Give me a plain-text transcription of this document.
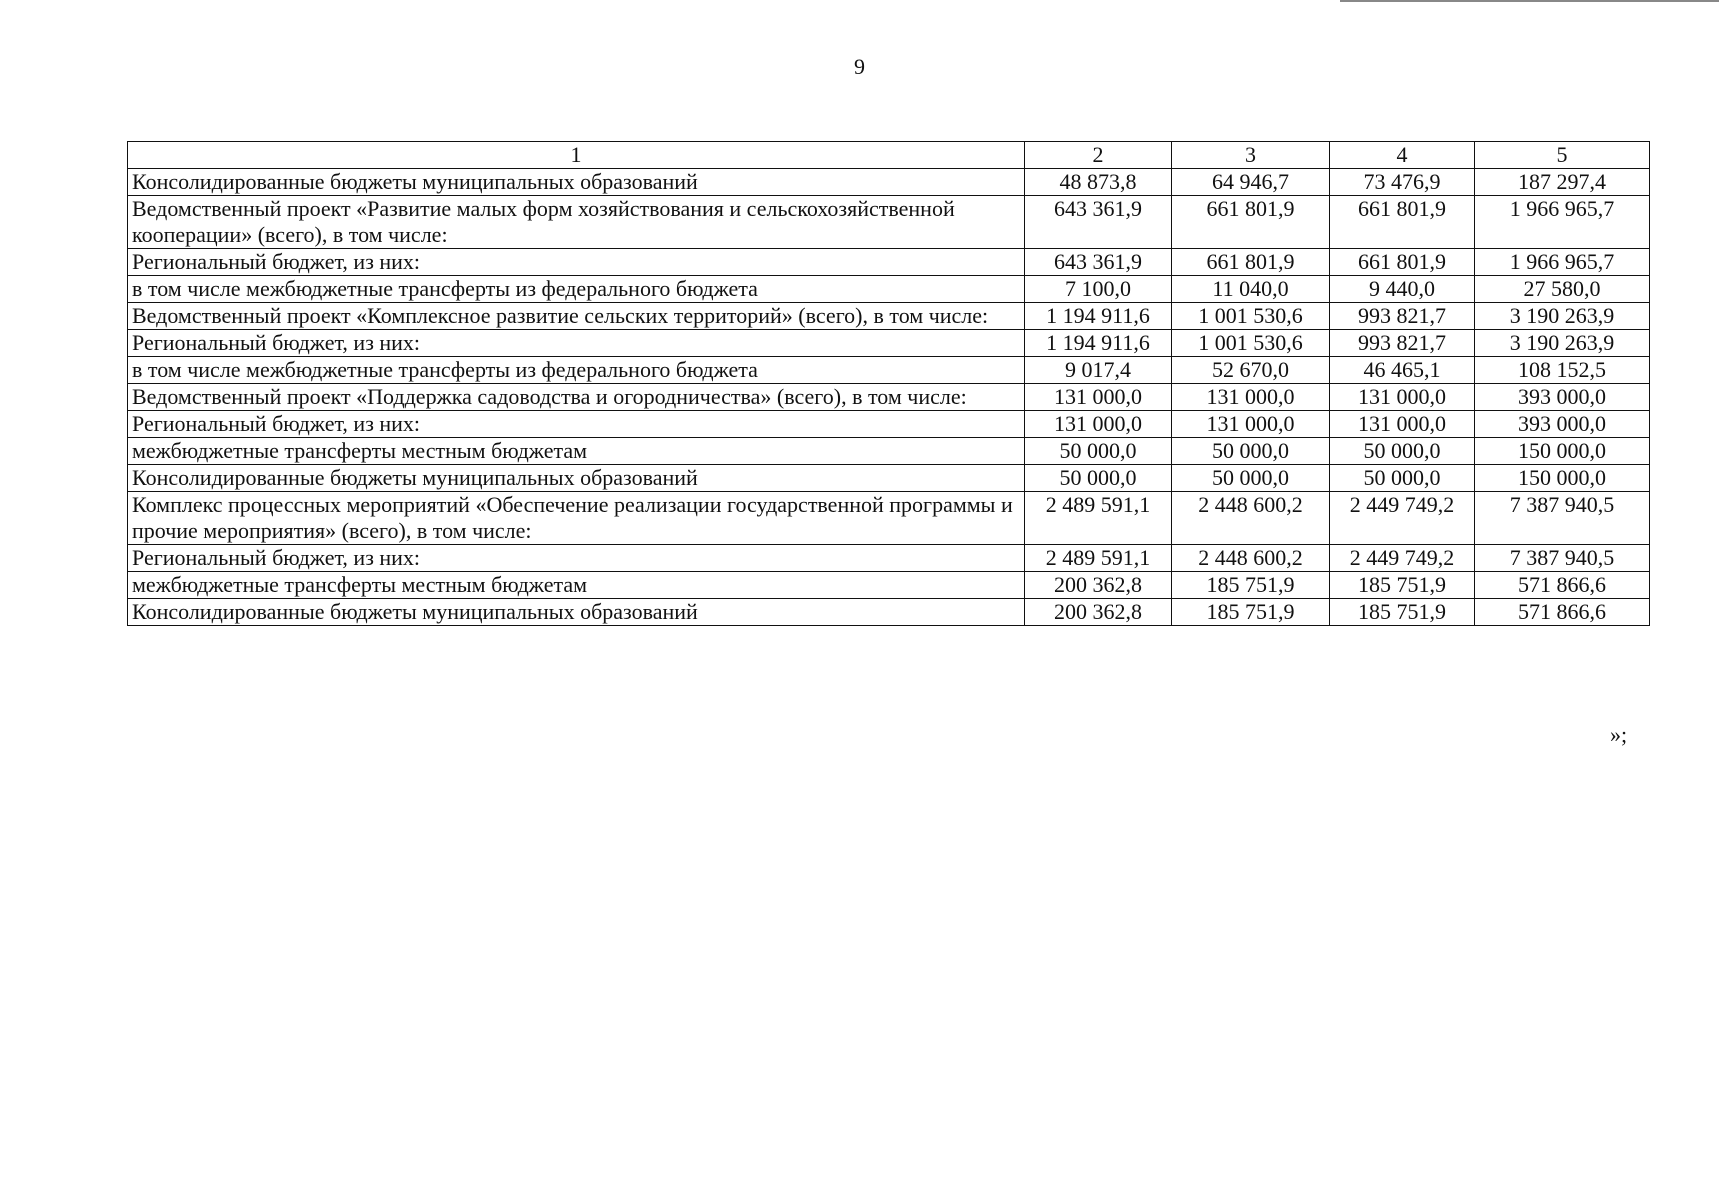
9
1	2	3	4	5
Консолидированные бюджеты муниципальных образований	48 873,8	64 946,7	73 476,9	187 297,4
Ведомственный проект «Развитие малых форм хозяйствования и сельскохозяйственной кооперации» (всего), в том числе:	643 361,9	661 801,9	661 801,9	1 966 965,7
Региональный бюджет, из них:	643 361,9	661 801,9	661 801,9	1 966 965,7
в том числе межбюджетные трансферты из федерального бюджета	7 100,0	11 040,0	9 440,0	27 580,0
Ведомственный проект «Комплексное развитие сельских территорий» (всего), в том числе:	1 194 911,6	1 001 530,6	993 821,7	3 190 263,9
Региональный бюджет, из них:	1 194 911,6	1 001 530,6	993 821,7	3 190 263,9
в том числе межбюджетные трансферты из федерального бюджета	9 017,4	52 670,0	46 465,1	108 152,5
Ведомственный проект «Поддержка садоводства и огородничества» (всего), в том числе:	131 000,0	131 000,0	131 000,0	393 000,0
Региональный бюджет, из них:	131 000,0	131 000,0	131 000,0	393 000,0
межбюджетные трансферты местным бюджетам	50 000,0	50 000,0	50 000,0	150 000,0
Консолидированные бюджеты муниципальных образований	50 000,0	50 000,0	50 000,0	150 000,0
Комплекс процессных мероприятий «Обеспечение реализации государственной программы и прочие мероприятия» (всего), в том числе:	2 489 591,1	2 448 600,2	2 449 749,2	7 387 940,5
Региональный бюджет, из них:	2 489 591,1	2 448 600,2	2 449 749,2	7 387 940,5
межбюджетные трансферты местным бюджетам	200 362,8	185 751,9	185 751,9	571 866,6
Консолидированные бюджеты муниципальных образований	200 362,8	185 751,9	185 751,9	571 866,6
»;
